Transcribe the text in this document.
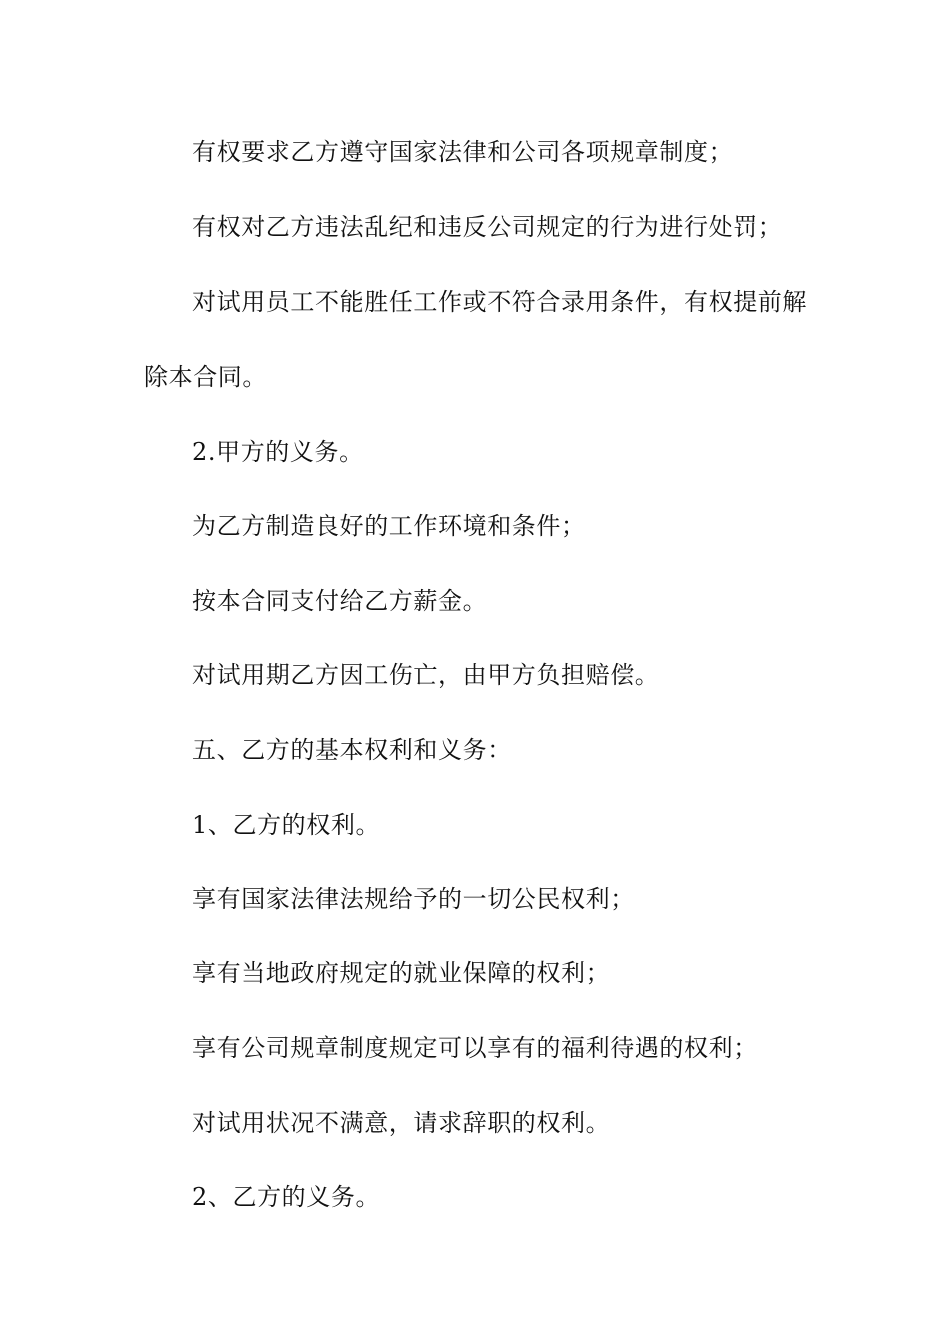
有权要求乙方遵守国家法律和公司各项规章制度；
有权对乙方违法乱纪和违反公司规定的行为进行处罚；
对试用员工不能胜任工作或不符合录用条件，有权提前解
除本合同。
2.甲方的义务。
为乙方制造良好的工作环境和条件；
按本合同支付给乙方薪金。
对试用期乙方因工伤亡，由甲方负担赔偿。
五、乙方的基本权利和义务：
1、乙方的权利。
享有国家法律法规给予的一切公民权利；
享有当地政府规定的就业保障的权利；
享有公司规章制度规定可以享有的福利待遇的权利；
对试用状况不满意，请求辞职的权利。
2、乙方的义务。
